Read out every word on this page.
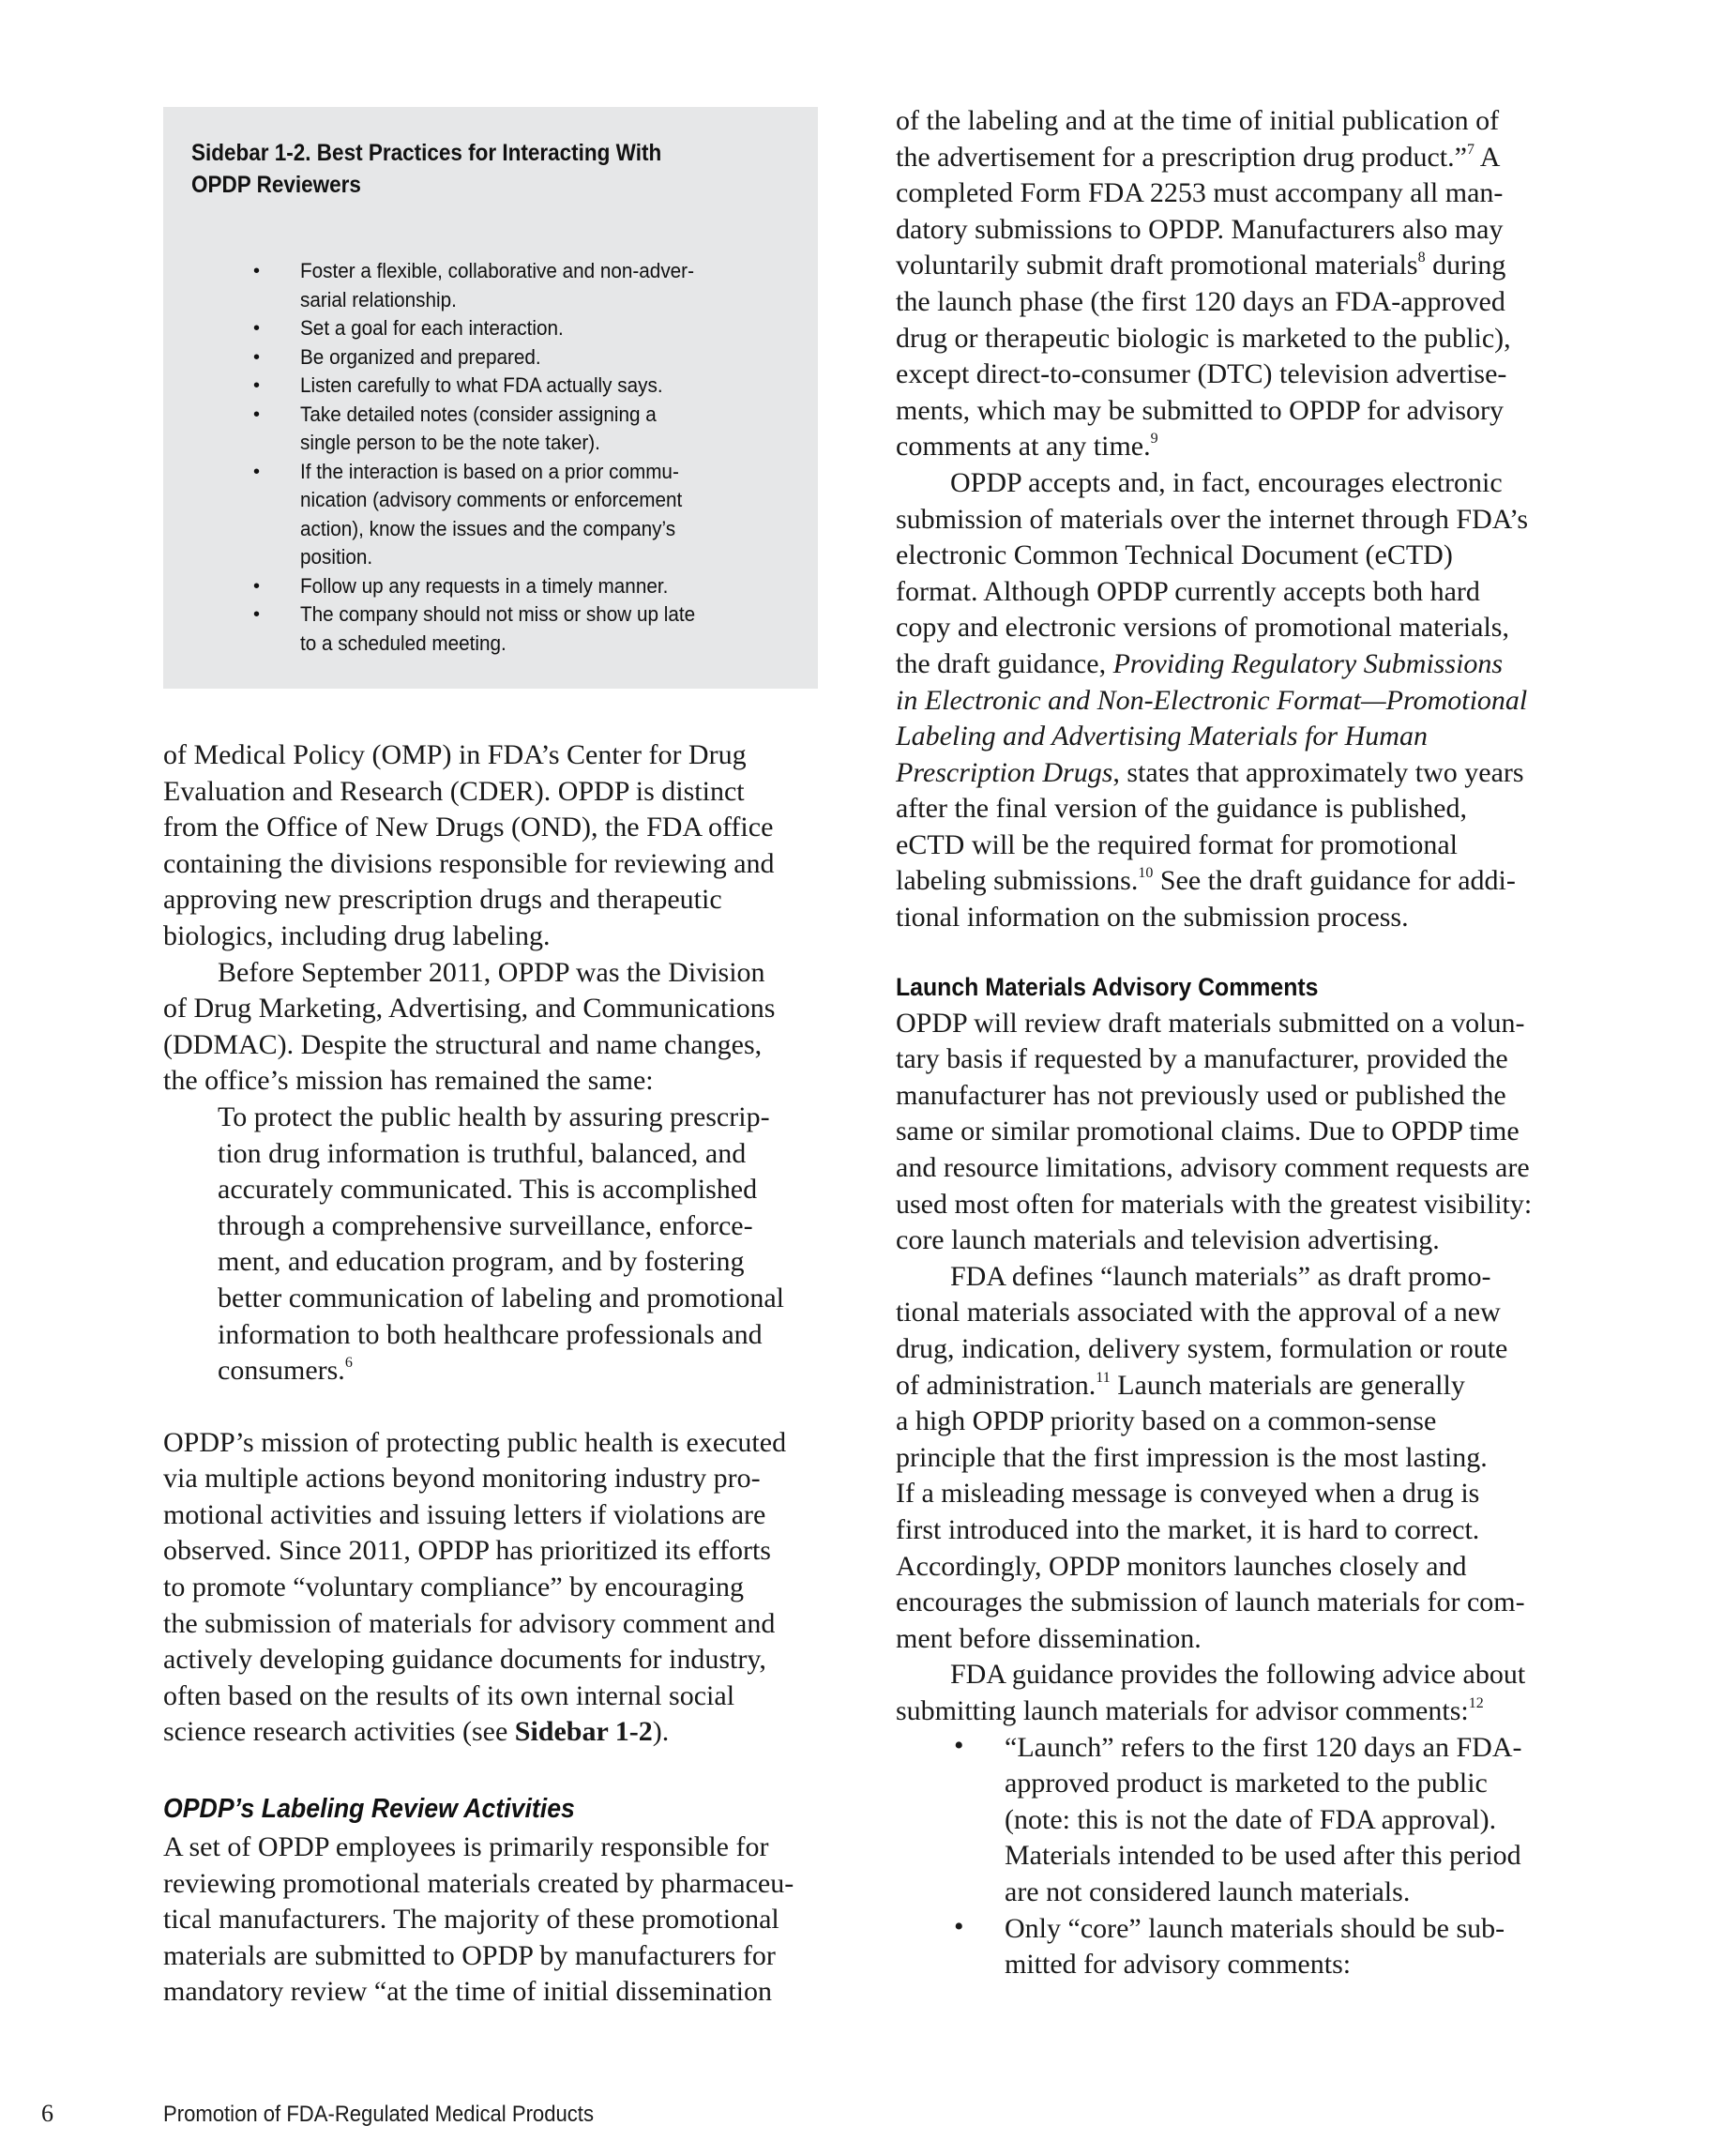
Sidebar 1-2. Best Practices for Interacting With
OPDP Reviewers
• Foster a flexible, collaborative and non-adver-
sarial relationship.
• Set a goal for each interaction.
• Be organized and prepared.
• Listen carefully to what FDA actually says.
• Take detailed notes (consider assigning a
single person to be the note taker).
• If the interaction is based on a prior commu-
nication (advisory comments or enforcement
action), know the issues and the company’s
position.
• Follow up any requests in a timely manner.
• The company should not miss or show up late
to a scheduled meeting.
of Medical Policy (OMP) in FDA’s Center for Drug
Evaluation and Research (CDER). OPDP is distinct
from the Office of New Drugs (OND), the FDA office
containing the divisions responsible for reviewing and
approving new prescription drugs and therapeutic
biologics, including drug labeling.
Before September 2011, OPDP was the Division
of Drug Marketing, Advertising, and Communications
(DDMAC). Despite the structural and name changes,
the office’s mission has remained the same:
To protect the public health by assuring prescrip-
tion drug information is truthful, balanced, and
accurately communicated. This is accomplished
through a comprehensive surveillance, enforce-
ment, and education program, and by fostering
better communication of labeling and promotional
information to both healthcare professionals and
consumers.$^6$
OPDP’s mission of protecting public health is executed
via multiple actions beyond monitoring industry pro-
motional activities and issuing letters if violations are
observed. Since 2011, OPDP has prioritized its efforts
to promote “voluntary compliance” by encouraging
the submission of materials for advisory comment and
actively developing guidance documents for industry,
often based on the results of its own internal social
science research activities (see Sidebar 1-2).
OPDP’s Labeling Review Activities
A set of OPDP employees is primarily responsible for
reviewing promotional materials created by pharmaceu-
tical manufacturers. The majority of these promotional
materials are submitted to OPDP by manufacturers for
mandatory review “at the time of initial dissemination
of the labeling and at the time of initial publication of
the advertisement for a prescription drug product.”$^7$ A
completed Form FDA 2253 must accompany all man-
datory submissions to OPDP. Manufacturers also may
voluntarily submit draft promotional materials$^8$ during
the launch phase (the first 120 days an FDA-approved
drug or therapeutic biologic is marketed to the public),
except direct-to-consumer (DTC) television advertise-
ments, which may be submitted to OPDP for advisory
comments at any time.$^9$
OPDP accepts and, in fact, encourages electronic
submission of materials over the internet through FDA’s
electronic Common Technical Document (eCTD)
format. Although OPDP currently accepts both hard
copy and electronic versions of promotional materials,
the draft guidance, Providing Regulatory Submissions
in Electronic and Non-Electronic Format—Promotional
Labeling and Advertising Materials for Human
Prescription Drugs, states that approximately two years
after the final version of the guidance is published,
eCTD will be the required format for promotional
labeling submissions.$^{10}$ See the draft guidance for addi-
tional information on the submission process.
Launch Materials Advisory Comments
OPDP will review draft materials submitted on a volun-
tary basis if requested by a manufacturer, provided the
manufacturer has not previously used or published the
same or similar promotional claims. Due to OPDP time
and resource limitations, advisory comment requests are
used most often for materials with the greatest visibility:
core launch materials and television advertising.
FDA defines “launch materials” as draft promo-
tional materials associated with the approval of a new
drug, indication, delivery system, formulation or route
of administration.$^{11}$ Launch materials are generally
a high OPDP priority based on a common-sense
principle that the first impression is the most lasting.
If a misleading message is conveyed when a drug is
first introduced into the market, it is hard to correct.
Accordingly, OPDP monitors launches closely and
encourages the submission of launch materials for com-
ment before dissemination.
FDA guidance provides the following advice about
submitting launch materials for advisor comments:$^{12}$
• “Launch” refers to the first 120 days an FDA-
approved product is marketed to the public
(note: this is not the date of FDA approval).
Materials intended to be used after this period
are not considered launch materials.
• Only “core” launch materials should be sub-
mitted for advisory comments:
6	Promotion of FDA-Regulated Medical Products
